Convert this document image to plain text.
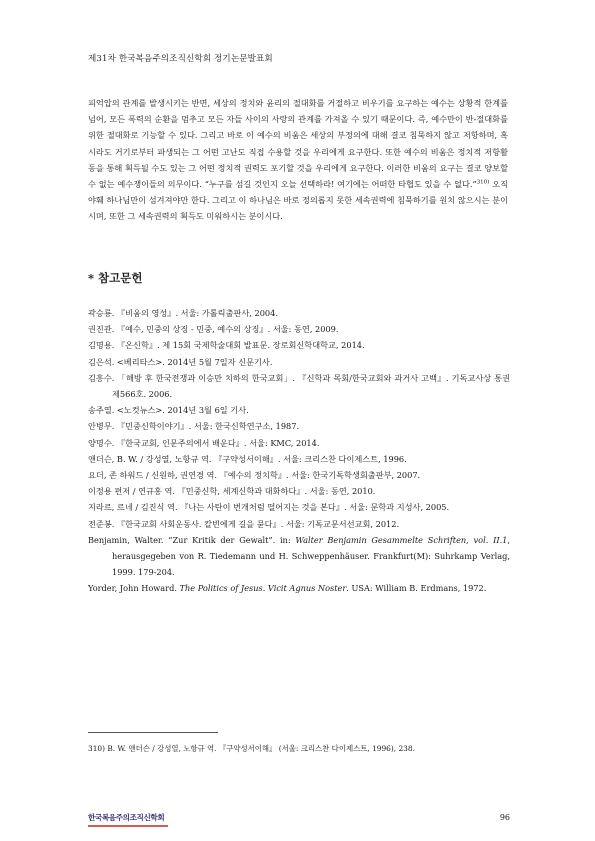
제31차 한국복음주의조직신학회 정기논문발표회

피억압의 관계를 발생시키는 반면, 세상의 정치와 윤리의 절대화를 거절하고 비우기를 요구하는 예수는 상황적 한계를 넘어, 모든 폭력의 순환을 멈추고 모든 자들 사이의 사랑의 관계를 가져올 수 있기 때문이다. 즉, 예수만이 반-절대화를 위한 절대화로 기능할 수 있다. 그리고 바로 이 예수의 비움은 세상의 부정의에 대해 결코 침묵하지 않고 저항하며, 혹시라도 거기로부터 파생되는 그 어떤 고난도 직접 수용할 것을 우리에게 요구한다. 또한 예수의 비움은 정치적 저항활동을 통해 획득될 수도 있는 그 어떤 정치적 권력도 포기할 것을 우리에게 요구한다. 이러한 비움의 요구는 결코 양보할 수 없는 예수쟁이들의 의무이다. “누구를 섬길 것인지 오늘 선택하라! 여기에는 어떠한 타협도 있을 수 없다.”$^{310)}$ 오직 야훼 하나님만이 섬겨져야만 한다. 그리고 이 하나님은 바로 정의롭지 못한 세속권력에 침묵하기를 원치 않으시는 분이시며, 또한 그 세속권력의 획득도 미워하시는 분이시다.

* 참고문헌
곽승룡. 『비움의 영성』. 서울: 가톨릭출판사, 2004.
권진관. 『예수, 민중의 상징 - 민중, 예수의 상징』. 서울: 동연, 2009.
김명용. 『온신학』. 제 15회 국제학술대회 발표문. 장로회신학대학교, 2014.
김은석. <베리타스>. 2014년 5월 7일자 신문기사.
김흥수. 「해방 후 한국전쟁과 이승만 치하의 한국교회」. 『신학과 목회/한국교회와 과거사 고백』. 기독교사상 통권 제566호. 2006.
송주열. <노컷뉴스>. 2014년 3월 6일 기사.
안병무. 『민중신학이야기』. 서울: 한국신학연구소, 1987.
양명수. 『한국교회, 인문주의에서 배운다』. 서울: KMC, 2014.
앤더슨, B. W. / 강성열, 노항규 역. 『구약성서이해』. 서울: 크리스찬 다이제스트, 1996.
요더, 존 하워드 / 신원하, 권연경 역. 『예수의 정치학』. 서울: 한국기독학생회출판부, 2007.
이정용 편저 / 연규홍 역. 『민중신학, 세계신학과 대화하다』. 서울: 동연, 2010.
지라르, 르네 / 김진식 역. 『나는 사탄이 번개처럼 떨어지는 것을 본다』. 서울: 문학과 지성사, 2005.
전준봉. 『한국교회 사회운동사. 칼빈에게 길을 묻다』. 서울: 기독교문서선교회, 2012.
Benjamin, Walter. “Zur Kritik der Gewalt”. in: Walter Benjamin Gesammelte Schriften, vol. II.1, herausgegeben von R. Tiedemann und H. Schweppenhäuser. Frankfurt(M): Suhrkamp Verlag, 1999. 179-204.
Yorder, John Howard. The Politics of Jesus. Vicit Agnus Noster. USA: William B. Erdmans, 1972.
310) B. W. 앤더슨 / 강성열, 노항규 역. 『구약성서이해』 (서울: 크리스찬 다이제스트, 1996), 238.
한국복음주의조직신학회	96
